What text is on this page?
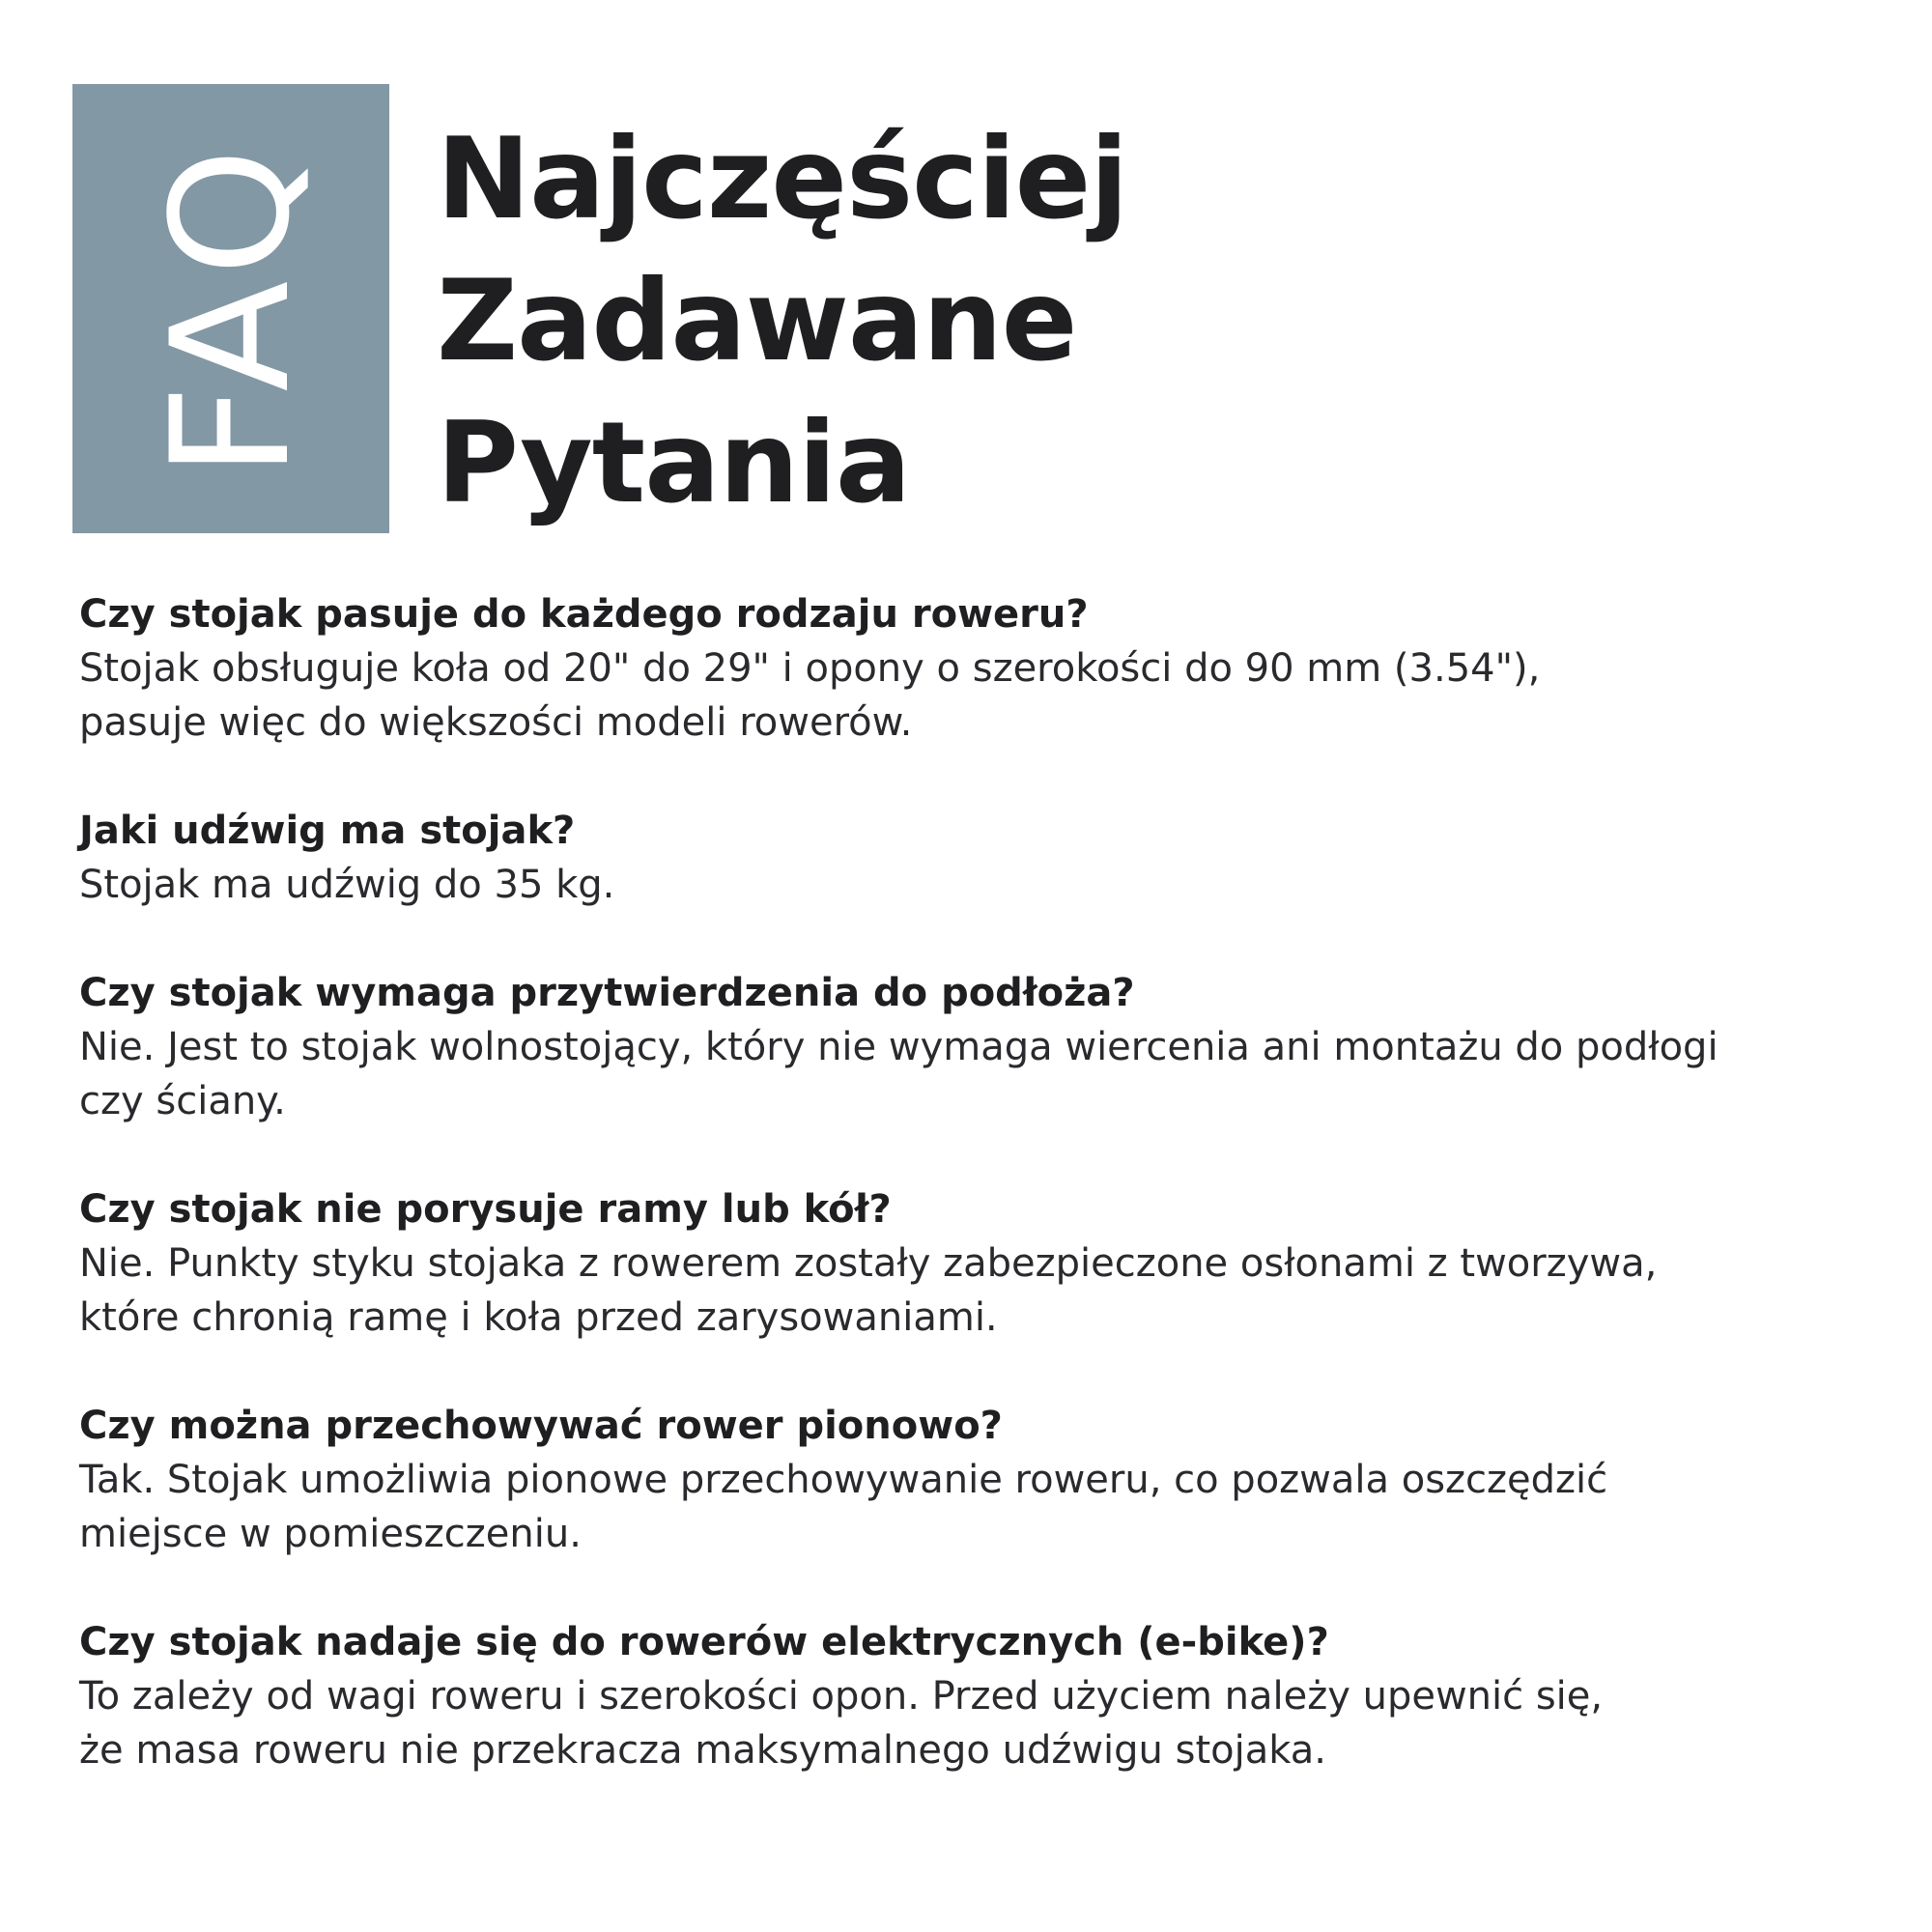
FAQ Najczęściej
Zadawane
Pytania
Czy stojak pasuje do każdego rodzaju roweru?
Stojak obsługuje koła od 20" do 29" i opony o szerokości do 90 mm (3.54"),
pasuje więc do większości modeli rowerów.
Jaki udźwig ma stojak?
Stojak ma udźwig do 35 kg.
Czy stojak wymaga przytwierdzenia do podłoża?
Nie. Jest to stojak wolnostojący, który nie wymaga wiercenia ani montażu do podłogi
czy ściany.
Czy stojak nie porysuje ramy lub kół?
Nie. Punkty styku stojaka z rowerem zostały zabezpieczone osłonami z tworzywa,
które chronią ramę i koła przed zarysowaniami.
Czy można przechowywać rower pionowo?
Tak. Stojak umożliwia pionowe przechowywanie roweru, co pozwala oszczędzić
miejsce w pomieszczeniu.
Czy stojak nadaje się do rowerów elektrycznych (e-bike)?
To zależy od wagi roweru i szerokości opon. Przed użyciem należy upewnić się,
że masa roweru nie przekracza maksymalnego udźwigu stojaka.
